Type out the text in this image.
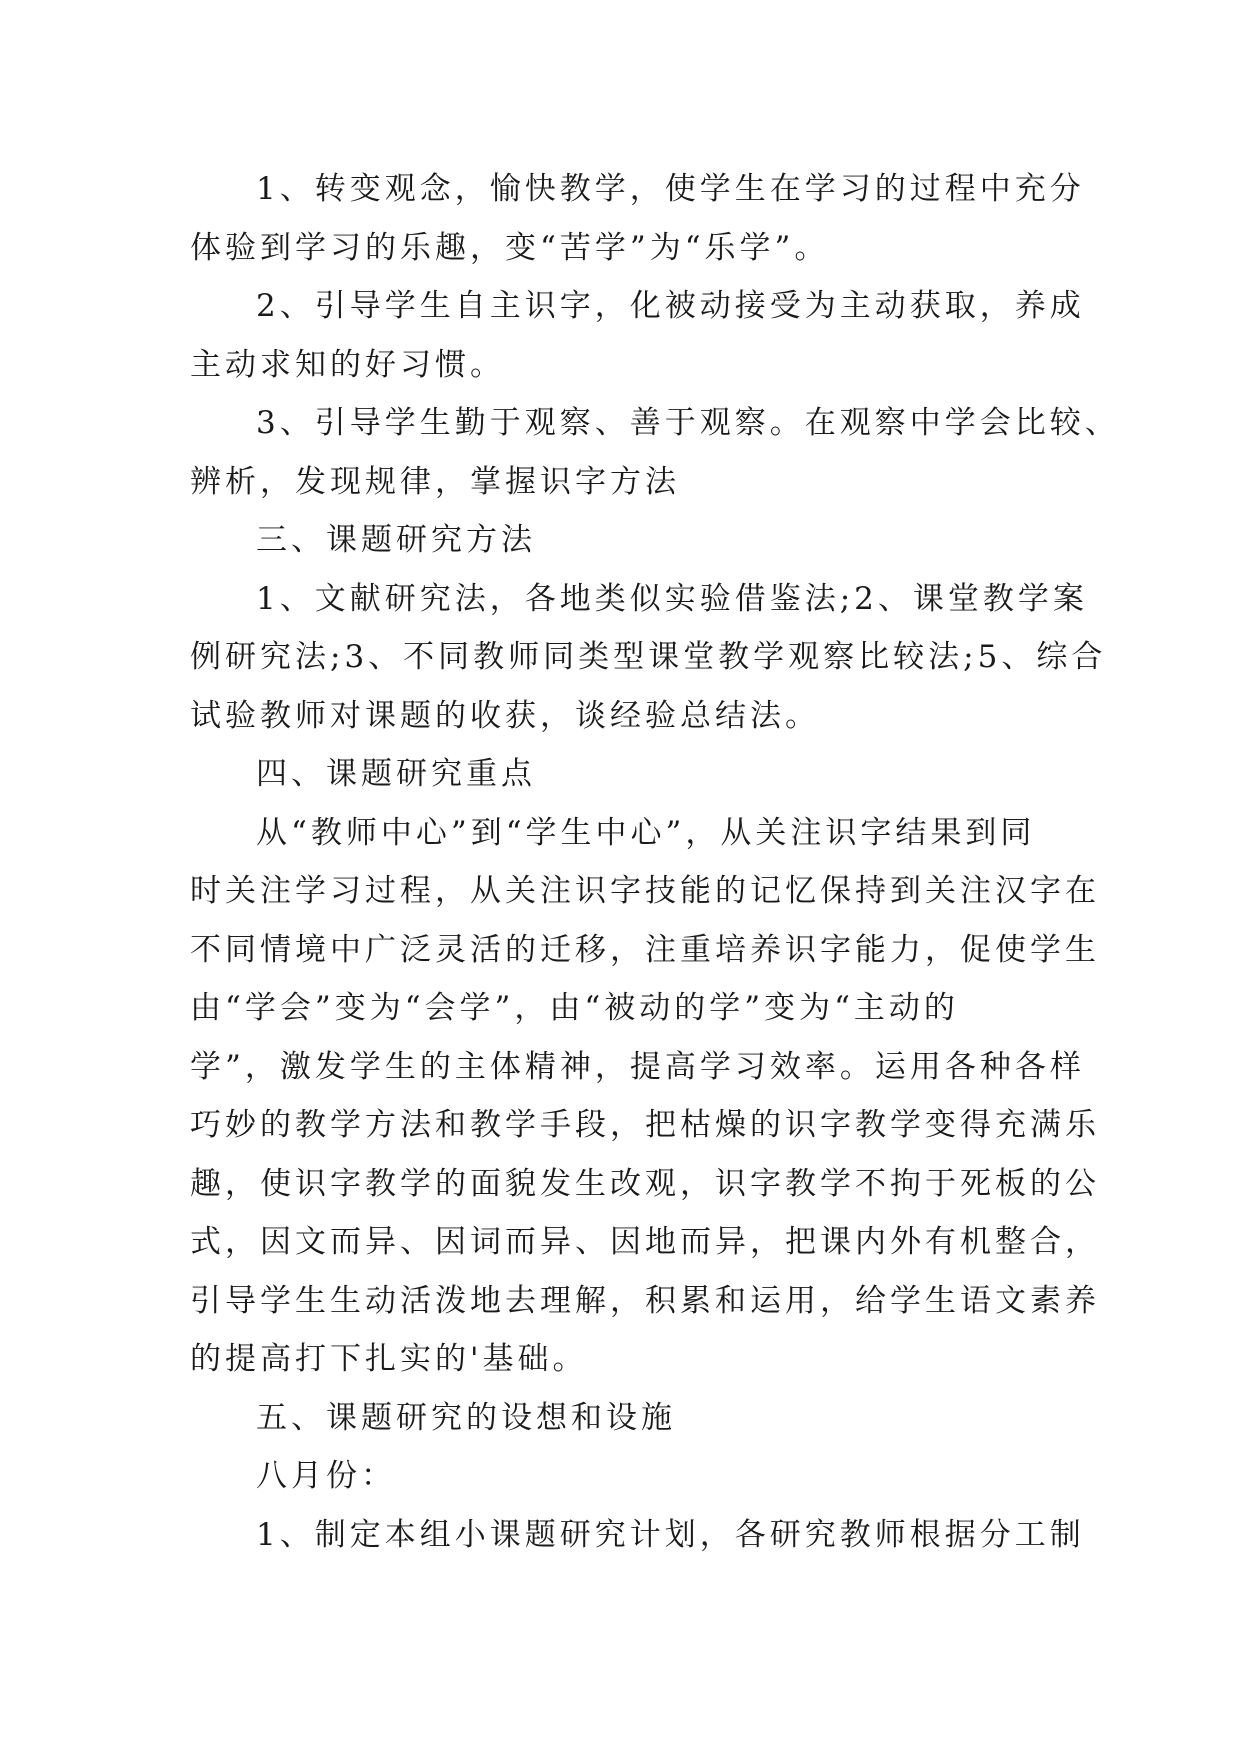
1、转变观念，愉快教学，使学生在学习的过程中充分
体验到学习的乐趣，变“苦学”为“乐学”。
2、引导学生自主识字，化被动接受为主动获取，养成
主动求知的好习惯。
3、引导学生勤于观察、善于观察。在观察中学会比较、
辨析，发现规律，掌握识字方法
三、课题研究方法
1、文献研究法，各地类似实验借鉴法;2、课堂教学案
例研究法;3、不同教师同类型课堂教学观察比较法;5、综合
试验教师对课题的收获，谈经验总结法。
四、课题研究重点
从“教师中心”到“学生中心”，从关注识字结果到同
时关注学习过程，从关注识字技能的记忆保持到关注汉字在
不同情境中广泛灵活的迁移，注重培养识字能力，促使学生
由“学会”变为“会学”，由“被动的学”变为“主动的
学”，激发学生的主体精神，提高学习效率。运用各种各样
巧妙的教学方法和教学手段，把枯燥的识字教学变得充满乐
趣，使识字教学的面貌发生改观，识字教学不拘于死板的公
式，因文而异、因词而异、因地而异，把课内外有机整合，
引导学生生动活泼地去理解，积累和运用，给学生语文素养
的提高打下扎实的'基础。
五、课题研究的设想和设施
八月份：
1、制定本组小课题研究计划，各研究教师根据分工制
